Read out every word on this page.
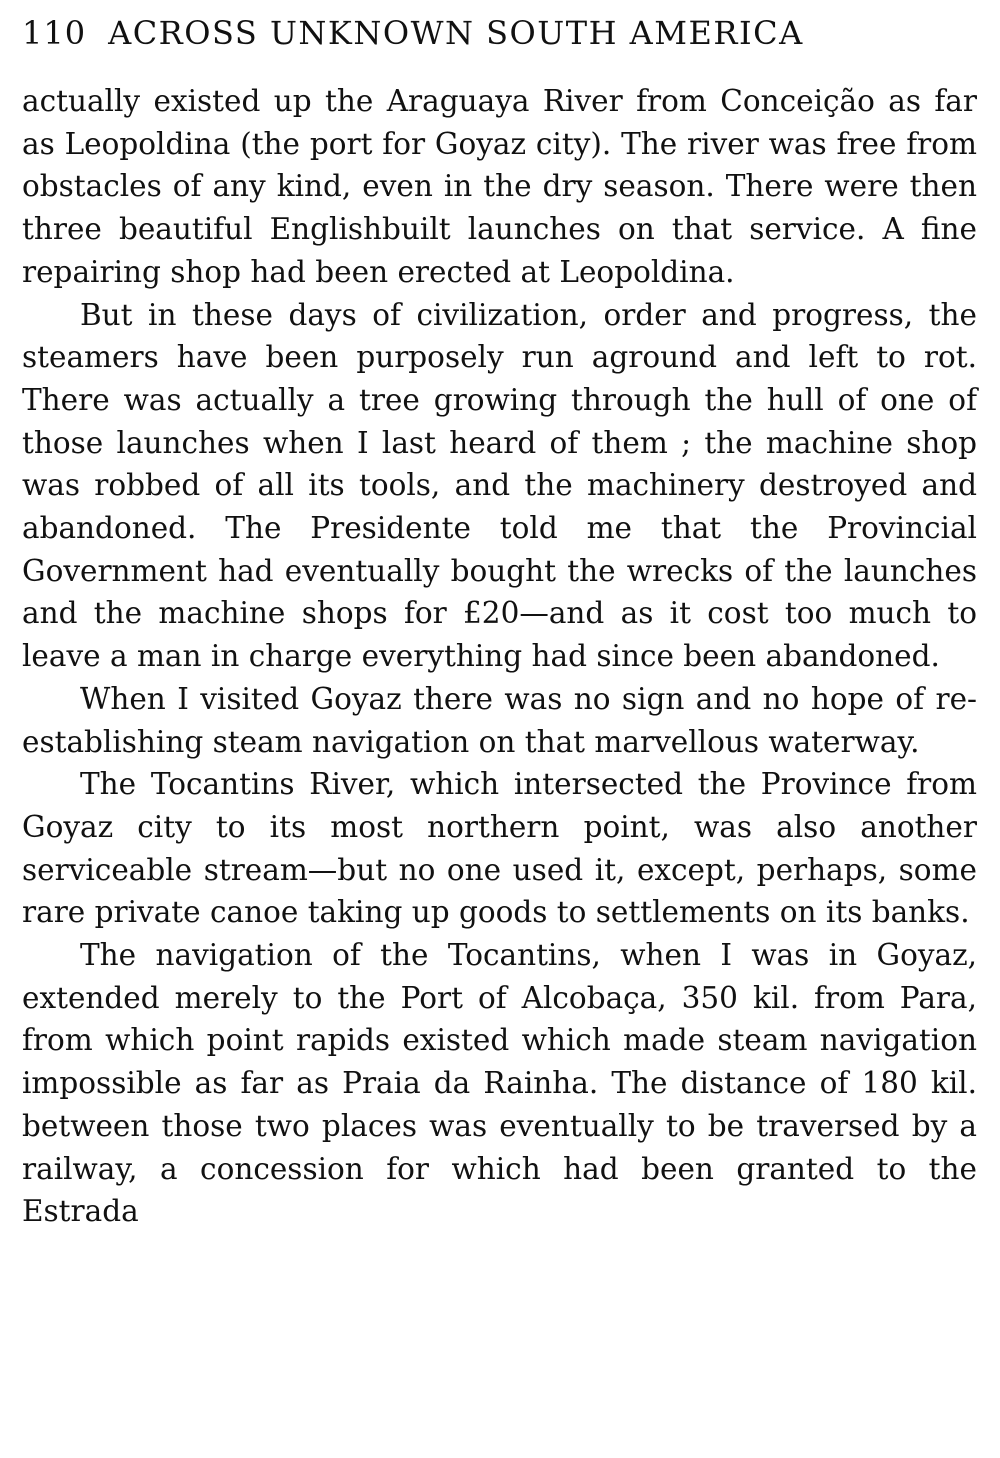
110 ACROSS UNKNOWN SOUTH AMERICA

actually existed up the Araguaya River from Conceição as far as Leopoldina (the port for Goyaz city). The river was free from obstacles of any kind, even in the dry season. There were then three beautiful Englishbuilt launches on that service. A fine repairing shop had been erected at Leopoldina.

But in these days of civilization, order and progress, the steamers have been purposely run aground and left to rot. There was actually a tree growing through the hull of one of those launches when I last heard of them ; the machine shop was robbed of all its tools, and the machinery destroyed and abandoned. The Presidente told me that the Provincial Government had eventually bought the wrecks of the launches and the machine shops for £20—and as it cost too much to leave a man in charge everything had since been abandoned.

When I visited Goyaz there was no sign and no hope of re-establishing steam navigation on that marvellous waterway.

The Tocantins River, which intersected the Province from Goyaz city to its most northern point, was also another serviceable stream—but no one used it, except, perhaps, some rare private canoe taking up goods to settlements on its banks.

The navigation of the Tocantins, when I was in Goyaz, extended merely to the Port of Alcobaça, 350 kil. from Para, from which point rapids existed which made steam navigation impossible as far as Praia da Rainha. The distance of 180 kil. between those two places was eventually to be traversed by a railway, a concession for which had been granted to the Estrada
